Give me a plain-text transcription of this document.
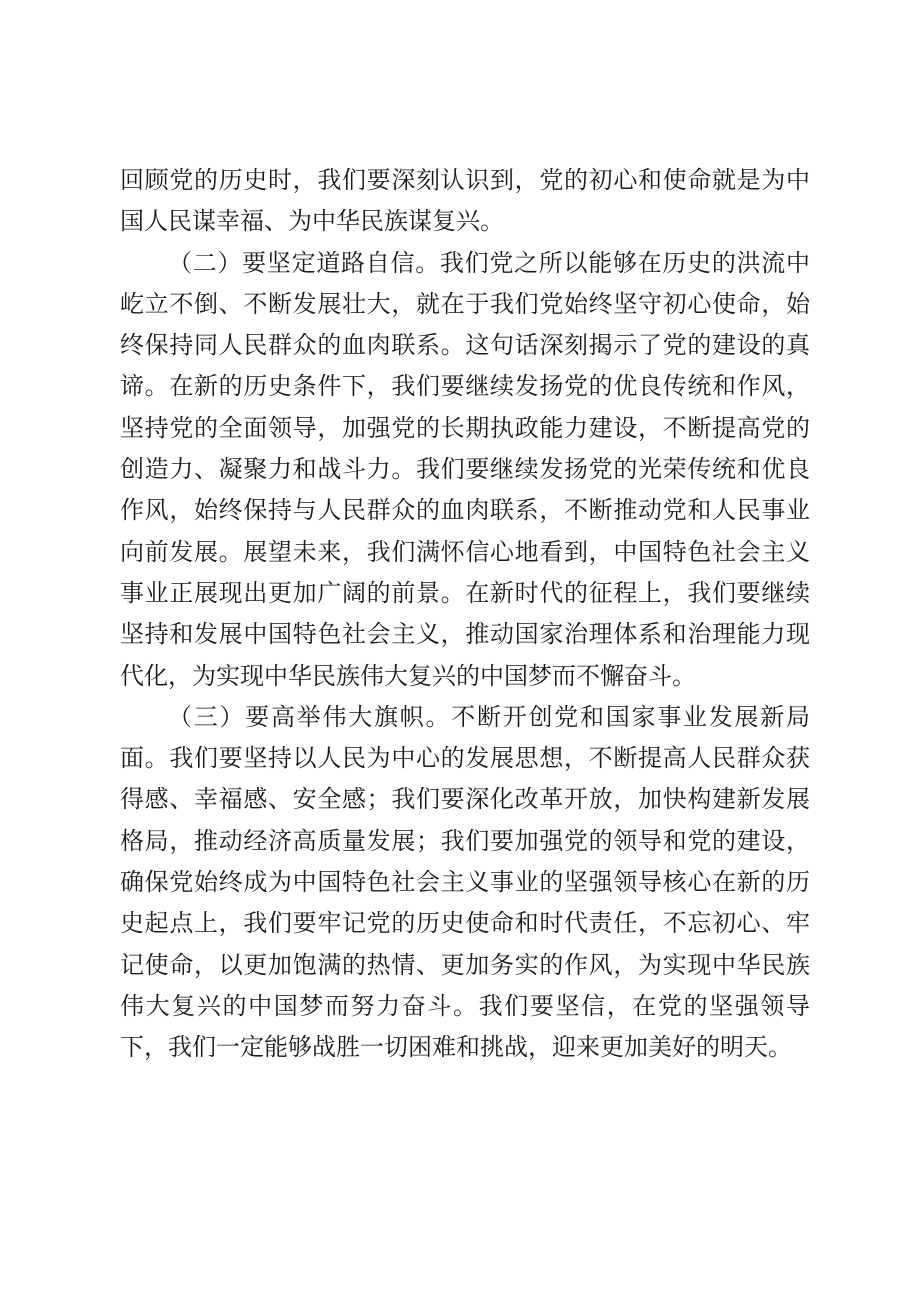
回顾党的历史时，我们要深刻认识到，党的初心和使命就是为中国人民谋幸福、为中华民族谋复兴。

（二）要坚定道路自信。我们党之所以能够在历史的洪流中屹立不倒、不断发展壮大，就在于我们党始终坚守初心使命，始终保持同人民群众的血肉联系。这句话深刻揭示了党的建设的真谛。在新的历史条件下，我们要继续发扬党的优良传统和作风，坚持党的全面领导，加强党的长期执政能力建设，不断提高党的创造力、凝聚力和战斗力。我们要继续发扬党的光荣传统和优良作风，始终保持与人民群众的血肉联系，不断推动党和人民事业向前发展。展望未来，我们满怀信心地看到，中国特色社会主义事业正展现出更加广阔的前景。在新时代的征程上，我们要继续坚持和发展中国特色社会主义，推动国家治理体系和治理能力现代化，为实现中华民族伟大复兴的中国梦而不懈奋斗。

（三）要高举伟大旗帜。不断开创党和国家事业发展新局面。我们要坚持以人民为中心的发展思想，不断提高人民群众获得感、幸福感、安全感；我们要深化改革开放，加快构建新发展格局，推动经济高质量发展；我们要加强党的领导和党的建设，确保党始终成为中国特色社会主义事业的坚强领导核心在新的历史起点上，我们要牢记党的历史使命和时代责任，不忘初心、牢记使命，以更加饱满的热情、更加务实的作风，为实现中华民族伟大复兴的中国梦而努力奋斗。我们要坚信，在党的坚强领导下，我们一定能够战胜一切困难和挑战，迎来更加美好的明天。
